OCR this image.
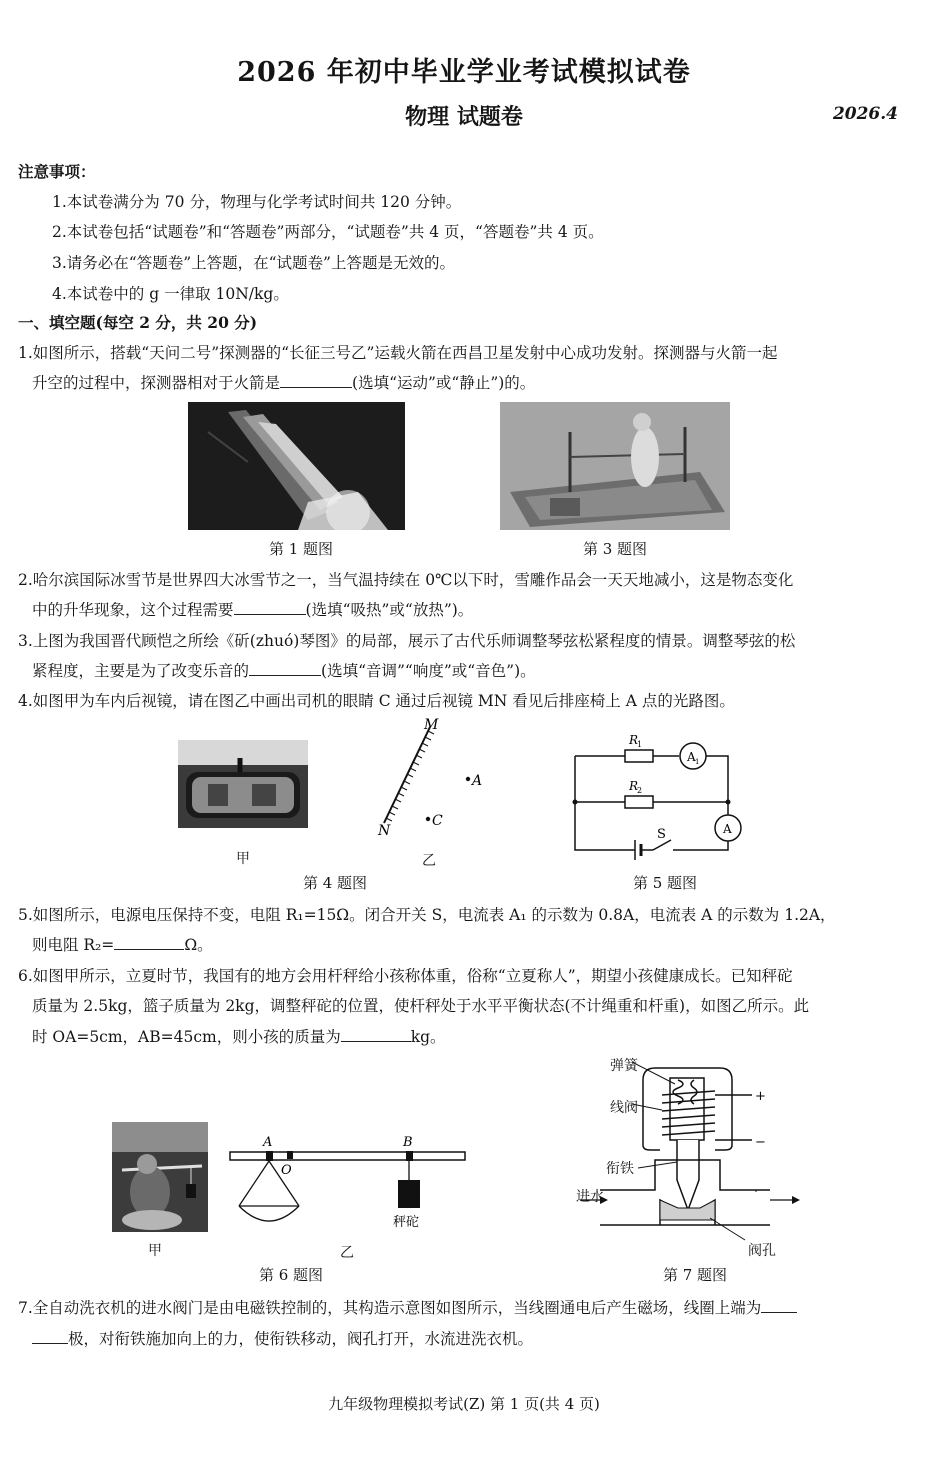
2026 年初中毕业学业考试模拟试卷
物理 试题卷	2026.4
注意事项：
1.本试卷满分为 70 分，物理与化学考试时间共 120 分钟。
2.本试卷包括“试题卷”和“答题卷”两部分，“试题卷”共 4 页，“答题卷”共 4 页。
3.请务必在“答题卷”上答题，在“试题卷”上答题是无效的。
4.本试卷中的 g 一律取 10N/kg。
一、填空题(每空 2 分，共 20 分)
1.如图所示，搭载“天问二号”探测器的“长征三号乙”运载火箭在西昌卫星发射中心成功发射。探测器与火箭一起
升空的过程中，探测器相对于火箭是	(选填“运动”或“静止”)的。
第 1 题图	第 3 题图
2.哈尔滨国际冰雪节是世界四大冰雪节之一，当气温持续在 0℃以下时，雪雕作品会一天天地减小，这是物态变化
中的升华现象，这个过程需要	(选填“吸热”或“放热”)。
3.上图为我国晋代顾恺之所绘《斫(zhuó)琴图》的局部，展示了古代乐师调整琴弦松紧程度的情景。调整琴弦的松
紧程度，主要是为了改变乐音的	(选填“音调”“响度”或“音色”)。
4.如图甲为车内后视镜，请在图乙中画出司机的眼睛 C 通过后视镜 MN 看见后排座椅上 A 点的光路图。
甲
M
N
A
C
乙
第 4 题图
R
1
R
2
A 1
A
S
第 5 题图
5.如图所示，电源电压保持不变，电阻 R₁=15Ω。闭合开关 S，电流表 A₁ 的示数为 0.8A，电流表 A 的示数为 1.2A，
则电阻 R₂=	Ω。
6.如图甲所示，立夏时节，我国有的地方会用杆秤给小孩称体重，俗称“立夏称人”，期望小孩健康成长。已知秤砣
质量为 2.5kg，篮子质量为 2kg，调整秤砣的位置，使杆秤处于水平平衡状态(不计绳重和杆重)，如图乙所示。此
时 OA=5cm，AB=45cm，则小孩的质量为	kg。
甲
A
O
B
秤砣
乙
第 6 题图
+
−
弹簧
线阀
衔铁
进水
阀孔
第 7 题图
7.全自动洗衣机的进水阀门是由电磁铁控制的，其构造示意图如图所示，当线圈通电后产生磁场，线圈上端为
极，对衔铁施加向上的力，使衔铁移动，阀孔打开，水流进洗衣机。
九年级物理模拟考试(Z) 第 1 页(共 4 页)
